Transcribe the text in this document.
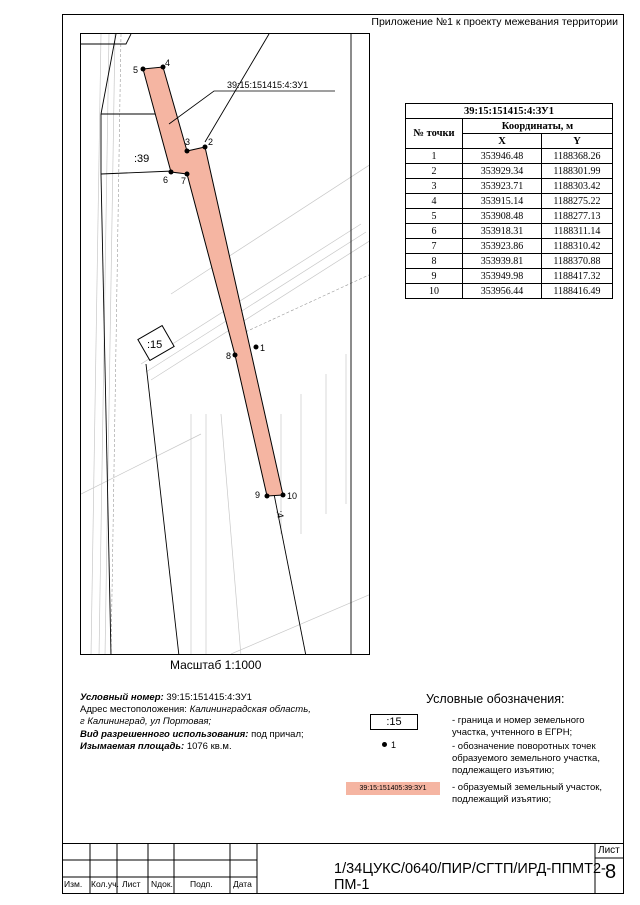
Приложение №1 к проекту межевания территории
1
2
3
4
5
6 7
8
9	10
39:15:151415:4:ЗУ1
:39
:15
:4
Масштаб 1:1000
39:15:151415:4:ЗУ1		
№ точки	Координаты, м	
	X	Y
1	353946.48	1188368.26
2	353929.34	1188301.99
3	353923.71	1188303.42
4	353915.14	1188275.22
5	353908.48	1188277.13
6	353918.31	1188311.14
7	353923.86	1188310.42
8	353939.81	1188370.88
9	353949.98	1188417.32
10	353956.44	1188416.49
Условный номер: 39:15:151415:4:ЗУ1
Адрес местоположения: Калининградская область,
г Калининград, ул Портовая;
Вид разрешенного использования: под причал;
Изымаемая площадь: 1076 кв.м.
Условные обозначения:
:15	- граница и номер земельного участка, учтенного в ЕГРН;
1	- обозначение поворотных точек образуемого земельного участка, подлежащего изъятию;
39:15:151405:39:ЗУ1	- образуемый земельный участок, подлежащий изъятию;
Изм. Кол.уч. Лист Nдок. Подп. Дата
1/34ЦУКС/0640/ПИР/СГТП/ИРД-ППМТ2-ПМ-1
Лист
8
